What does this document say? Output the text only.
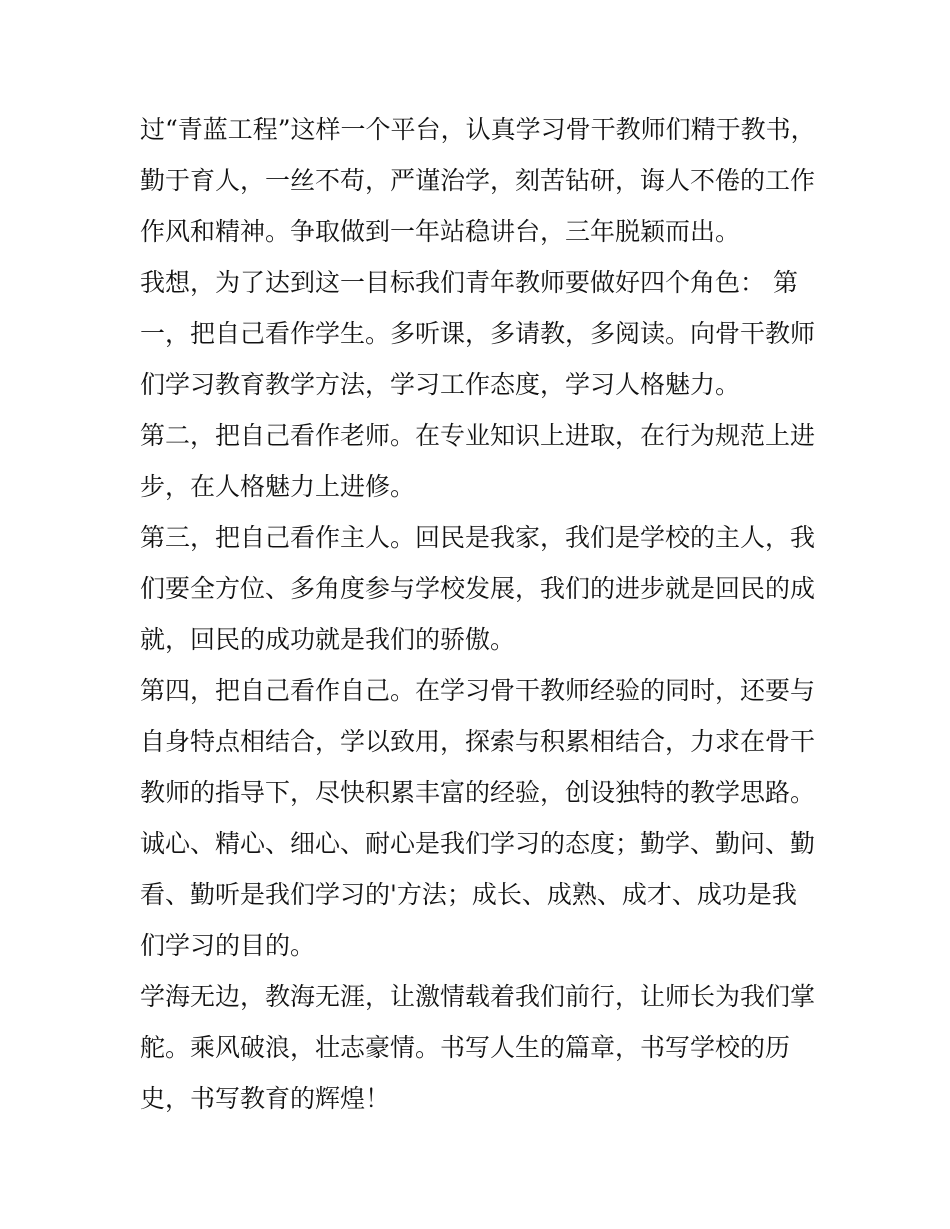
过“青蓝工程”这样一个平台，认真学习骨干教师们精于教书，
勤于育人，一丝不苟，严谨治学，刻苦钻研，诲人不倦的工作
作风和精神。争取做到一年站稳讲台，三年脱颖而出。
我想，为了达到这一目标我们青年教师要做好四个角色： 第
一，把自己看作学生。多听课，多请教，多阅读。向骨干教师
们学习教育教学方法，学习工作态度，学习人格魅力。
第二，把自己看作老师。在专业知识上进取，在行为规范上进
步，在人格魅力上进修。
第三，把自己看作主人。回民是我家，我们是学校的主人，我
们要全方位、多角度参与学校发展，我们的进步就是回民的成
就，回民的成功就是我们的骄傲。
第四，把自己看作自己。在学习骨干教师经验的同时，还要与
自身特点相结合，学以致用，探索与积累相结合，力求在骨干
教师的指导下，尽快积累丰富的经验，创设独特的教学思路。
诚心、精心、细心、耐心是我们学习的态度；勤学、勤问、勤
看、勤听是我们学习的'方法；成长、成熟、成才、成功是我
们学习的目的。
学海无边，教海无涯，让激情载着我们前行，让师长为我们掌
舵。乘风破浪，壮志豪情。书写人生的篇章，书写学校的历
史，书写教育的辉煌！
